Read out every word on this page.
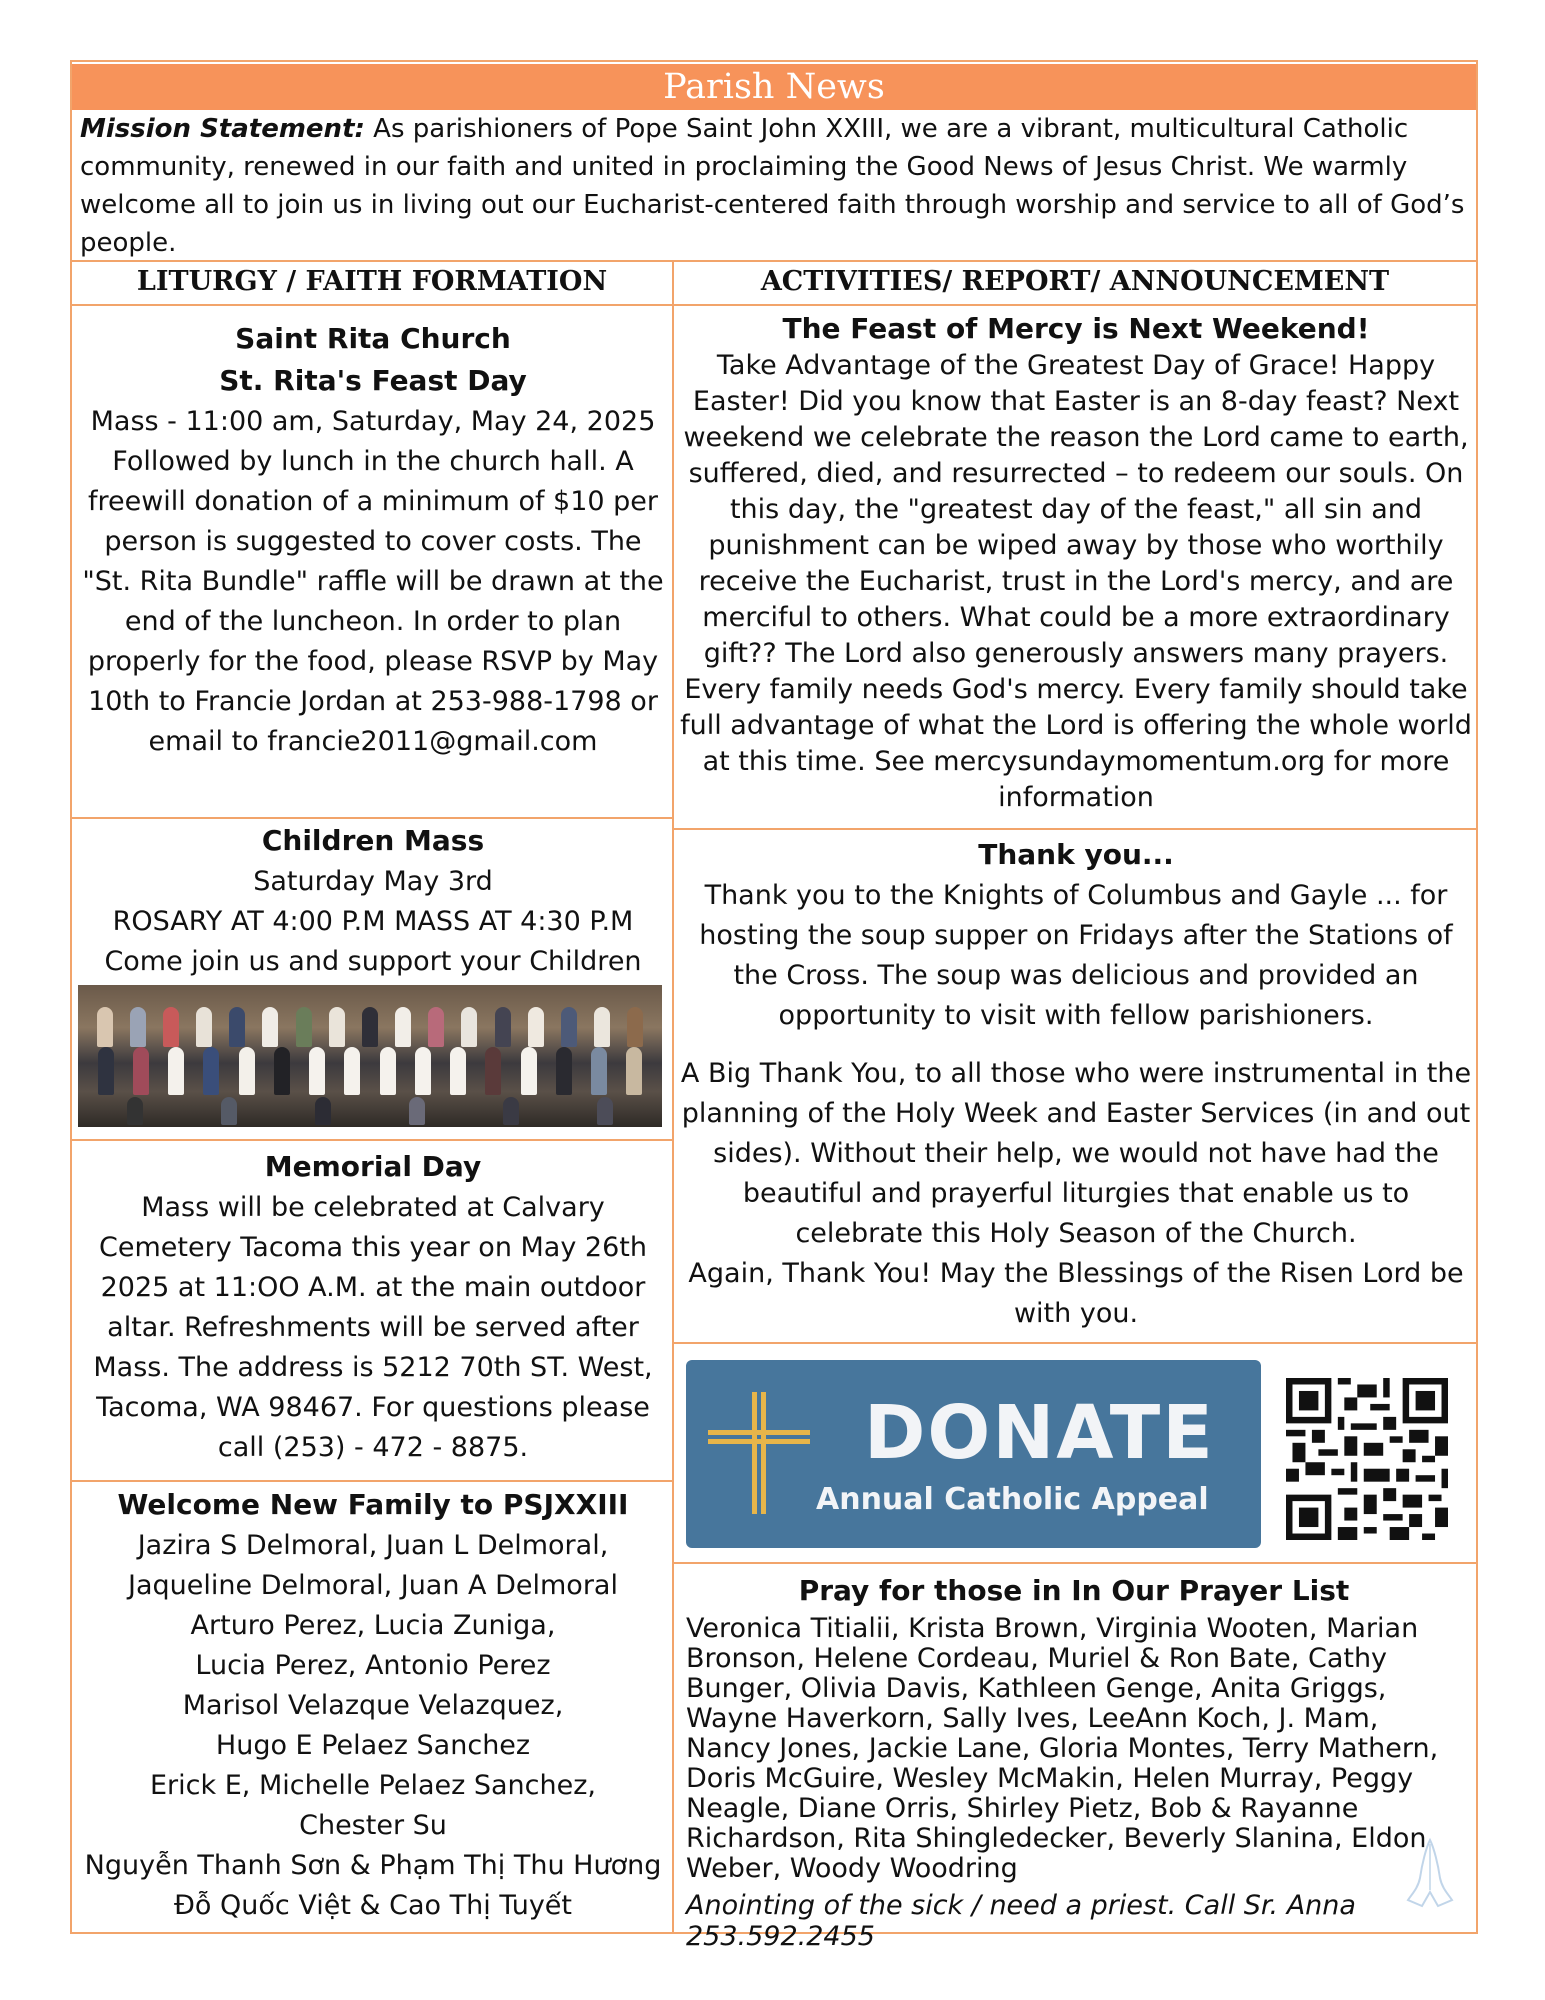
Parish News
Mission Statement: As parishioners of Pope Saint John XXIII, we are a vibrant, multicultural Catholic community, renewed in our faith and united in proclaiming the Good News of Jesus Christ. We warmly welcome all to join us in living out our Eucharist-centered faith through worship and service to all of God’s people.
LITURGY / FAITH FORMATION	ACTIVITIES/ REPORT/ ANNOUNCEMENT
Saint Rita Church
St. Rita's Feast Day

Mass - 11:00 am, Saturday, May 24, 2025 Followed by lunch in the church hall. A freewill donation of a minimum of $10 per person is suggested to cover costs. The "St. Rita Bundle" raffle will be drawn at the end of the luncheon. In order to plan properly for the food, please RSVP by May 10th to Francie Jordan at 253-988-1798 or email to francie2011@gmail.com

Children Mass

Saturday May 3rd

ROSARY AT 4:00 P.M MASS AT 4:30 P.M

Come join us and support your Children

Memorial Day

Mass will be celebrated at Calvary Cemetery Tacoma this year on May 26th 2025 at 11:OO A.M. at the main outdoor altar. Refreshments will be served after Mass. The address is 5212 70th ST. West, Tacoma, WA 98467. For questions please call (253) - 472 - 8875.

Welcome New Family to PSJXXIII

Jazira S Delmoral, Juan L Delmoral,

Jaqueline Delmoral, Juan A Delmoral

Arturo Perez, Lucia Zuniga,

Lucia Perez, Antonio Perez

Marisol Velazque Velazquez,

Hugo E Pelaez Sanchez

Erick E, Michelle Pelaez Sanchez,

Chester Su

Nguyễn Thanh Sơn & Phạm Thị Thu Hương

Đỗ Quốc Việt & Cao Thị Tuyết

The Feast of Mercy is Next Weekend!

Take Advantage of the Greatest Day of Grace! Happy Easter! Did you know that Easter is an 8-day feast? Next weekend we celebrate the reason the Lord came to earth, suffered, died, and resurrected – to redeem our souls. On this day, the "greatest day of the feast," all sin and punishment can be wiped away by those who worthily receive the Eucharist, trust in the Lord's mercy, and are merciful to others. What could be a more extraordinary gift?? The Lord also generously answers many prayers. Every family needs God's mercy. Every family should take full advantage of what the Lord is offering the whole world at this time. See mercysundaymomentum.org for more information

Thank you...

Thank you to the Knights of Columbus and Gayle ... for hosting the soup supper on Fridays after the Stations of the Cross. The soup was delicious and provided an opportunity to visit with fellow parishioners.

A Big Thank You, to all those who were instrumental in the planning of the Holy Week and Easter Services (in and out sides). Without their help, we would not have had the beautiful and prayerful liturgies that enable us to celebrate this Holy Season of the Church.

Again, Thank You! May the Blessings of the Risen Lord be with you.

DONATE
Annual Catholic Appeal
Pray for those in In Our Prayer List
Veronica Titialii, Krista Brown, Virginia Wooten, Marian Bronson, Helene Cordeau, Muriel & Ron Bate, Cathy Bunger, Olivia Davis, Kathleen Genge, Anita Griggs, Wayne Haverkorn, Sally Ives, LeeAnn Koch, J. Mam, Nancy Jones, Jackie Lane, Gloria Montes, Terry Mathern, Doris McGuire, Wesley McMakin, Helen Murray, Peggy Neagle, Diane Orris, Shirley Pietz, Bob & Rayanne Richardson, Rita Shingledecker, Beverly Slanina, Eldon Weber, Woody Woodring
Anointing of the sick / need a priest. Call Sr. Anna 253.592.2455
